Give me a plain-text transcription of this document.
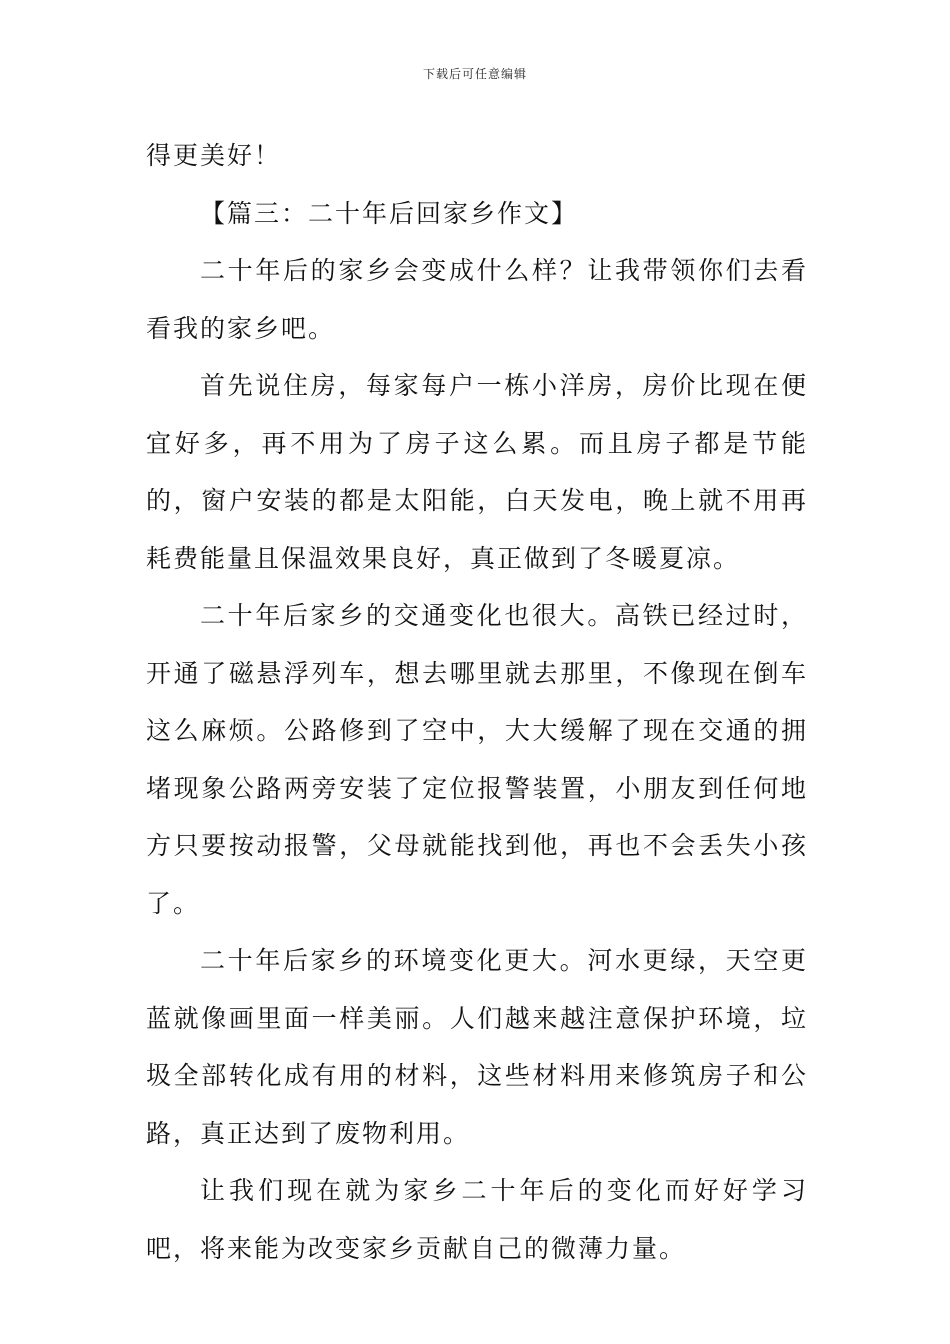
下载后可任意编辑

得更美好！

【篇三：二十年后回家乡作文】

二十年后的家乡会变成什么样？让我带领你们去看看我的家乡吧。

首先说住房，每家每户一栋小洋房，房价比现在便宜好多，再不用为了房子这么累。而且房子都是节能的，窗户安装的都是太阳能，白天发电，晚上就不用再耗费能量且保温效果良好，真正做到了冬暖夏凉。

二十年后家乡的交通变化也很大。高铁已经过时，开通了磁悬浮列车，想去哪里就去那里，不像现在倒车这么麻烦。公路修到了空中，大大缓解了现在交通的拥堵现象公路两旁安装了定位报警装置，小朋友到任何地方只要按动报警，父母就能找到他，再也不会丢失小孩了。

二十年后家乡的环境变化更大。河水更绿，天空更蓝就像画里面一样美丽。人们越来越注意保护环境，垃圾全部转化成有用的材料，这些材料用来修筑房子和公路，真正达到了废物利用。

让我们现在就为家乡二十年后的变化而好好学习吧，将来能为改变家乡贡献自己的微薄力量。
